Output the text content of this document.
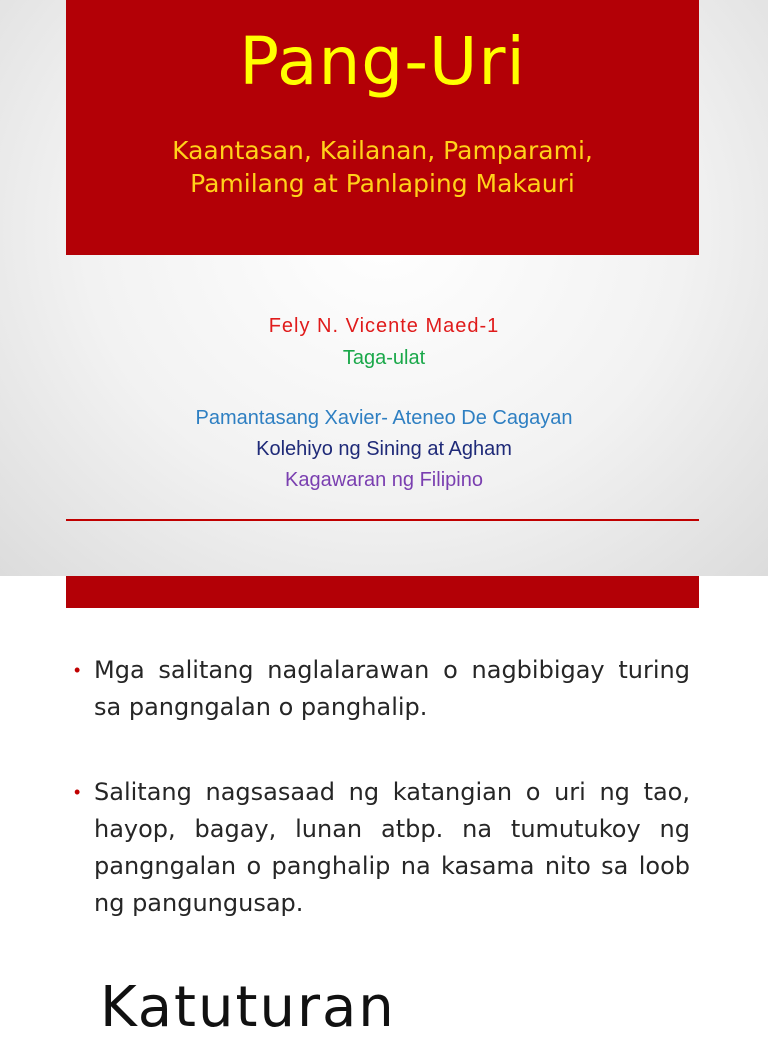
Pang-Uri
Kaantasan, Kailanan, Pamparami,
Pamilang at Panlaping Makauri
Fely N. Vicente Maed-1
Taga-ulat
Pamantasang Xavier- Ateneo De Cagayan
Kolehiyo ng Sining at Agham
Kagawaran ng Filipino
• Mga salitang naglalarawan o nagbibigay turing sa pangngalan o panghalip.
• Salitang nagsasaad ng katangian o uri ng tao, hayop, bagay, lunan atbp. na tumutukoy ng pangngalan o panghalip na kasama nito sa loob ng pangungusap.
Katuturan
